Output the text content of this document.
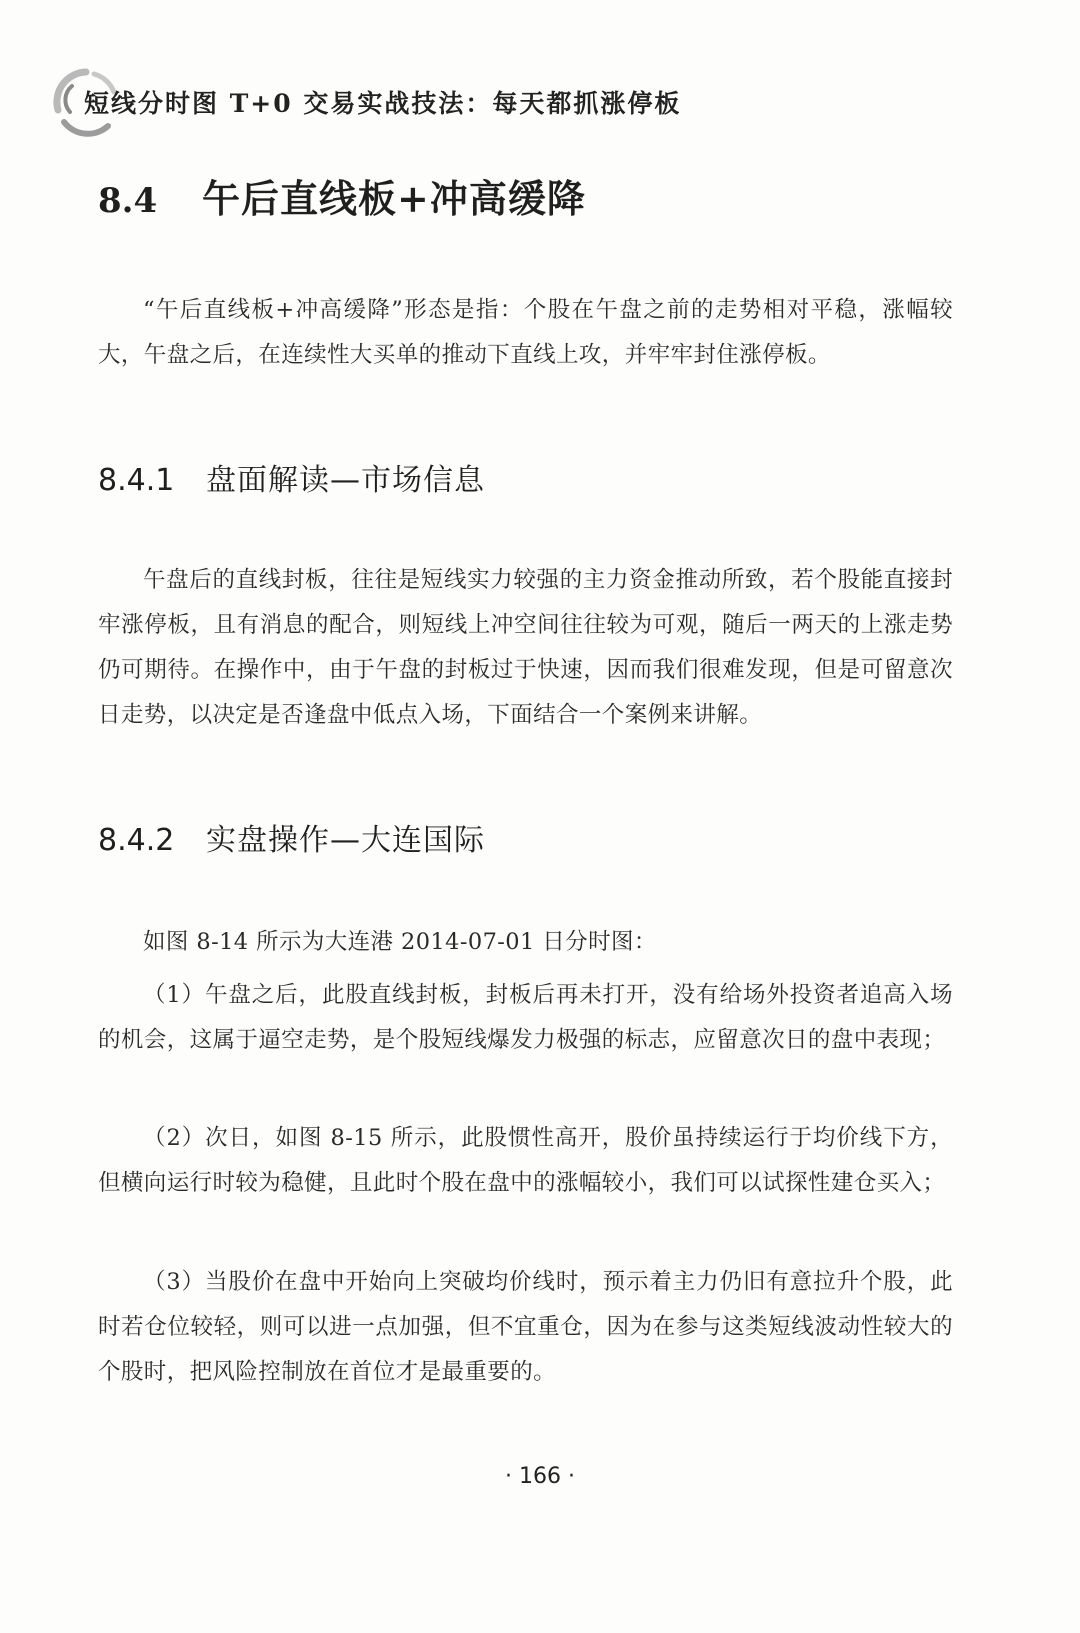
短线分时图 T+0 交易实战技法：每天都抓涨停板
8.4 午后直线板+冲高缓降

“午后直线板+冲高缓降”形态是指：个股在午盘之前的走势相对平稳，涨幅较大，午盘之后，在连续性大买单的推动下直线上攻，并牢牢封住涨停板。

8.4.1 盘面解读—市场信息

午盘后的直线封板，往往是短线实力较强的主力资金推动所致，若个股能直接封牢涨停板，且有消息的配合，则短线上冲空间往往较为可观，随后一两天的上涨走势仍可期待。在操作中，由于午盘的封板过于快速，因而我们很难发现，但是可留意次日走势，以决定是否逢盘中低点入场，下面结合一个案例来讲解。

8.4.2 实盘操作—大连国际

如图 8-14 所示为大连港 2014-07-01 日分时图：

（1）午盘之后，此股直线封板，封板后再未打开，没有给场外投资者追高入场的机会，这属于逼空走势，是个股短线爆发力极强的标志，应留意次日的盘中表现；

（2）次日，如图 8-15 所示，此股惯性高开，股价虽持续运行于均价线下方，但横向运行时较为稳健，且此时个股在盘中的涨幅较小，我们可以试探性建仓买入；

（3）当股价在盘中开始向上突破均价线时，预示着主力仍旧有意拉升个股，此时若仓位较轻，则可以进一点加强，但不宜重仓，因为在参与这类短线波动性较大的个股时，把风险控制放在首位才是最重要的。

· 166 ·
